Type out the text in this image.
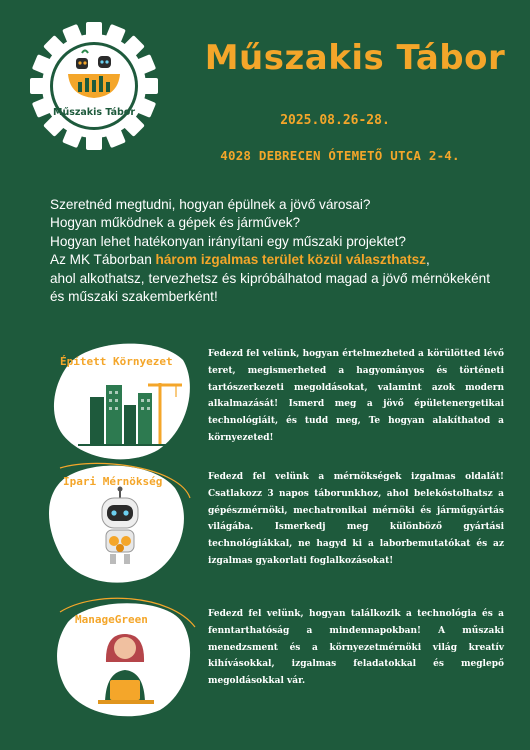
Műszakis Tábor
Műszakis Tábor
2025.08.26-28.
4028 DEBRECEN ÓTEMETŐ UTCA 2-4.

Szeretnéd megtudni, hogyan épülnek a jövő városai?

Hogyan működnek a gépek és járművek?

Hogyan lehet hatékonyan irányítani egy műszaki projektet?

Az MK Táborban három izgalmas terület közül választhatsz,

ahol alkothatsz, tervezhetsz és kipróbálhatod magad a jövő mérnökeként és műszaki szakemberként!

Épített Környezet
Fedezd fel velünk, hogyan értelmezheted a körülötted lévő teret, megismerheted a hagyományos és történeti tartószerkezeti megoldásokat, valamint azok modern alkalmazását! Ismerd meg a jövő épületenergetikai technológiáit, és tudd meg, Te hogyan alakíthatod a környezeted!
Ipari Mérnökség	Fedezd fel velünk a mérnökségek izgalmas oldalát! Csatlakozz 3 napos táborunkhoz, ahol belekóstolhatsz a gépészmérnöki, mechatronikai mérnöki és járműgyártás világába. Ismerkedj meg különböző gyártási technológiákkal, ne hagyd ki a laborbemutatókat és az izgalmas gyakorlati foglalkozásokat!
ManageGreen	Fedezd fel velünk, hogyan találkozik a technológia és a fenntarthatóság a mindennapokban! A műszaki menedzsment és a környezetmérnöki világ kreatív kihívásokkal, izgalmas feladatokkal és meglepő megoldásokkal vár.
